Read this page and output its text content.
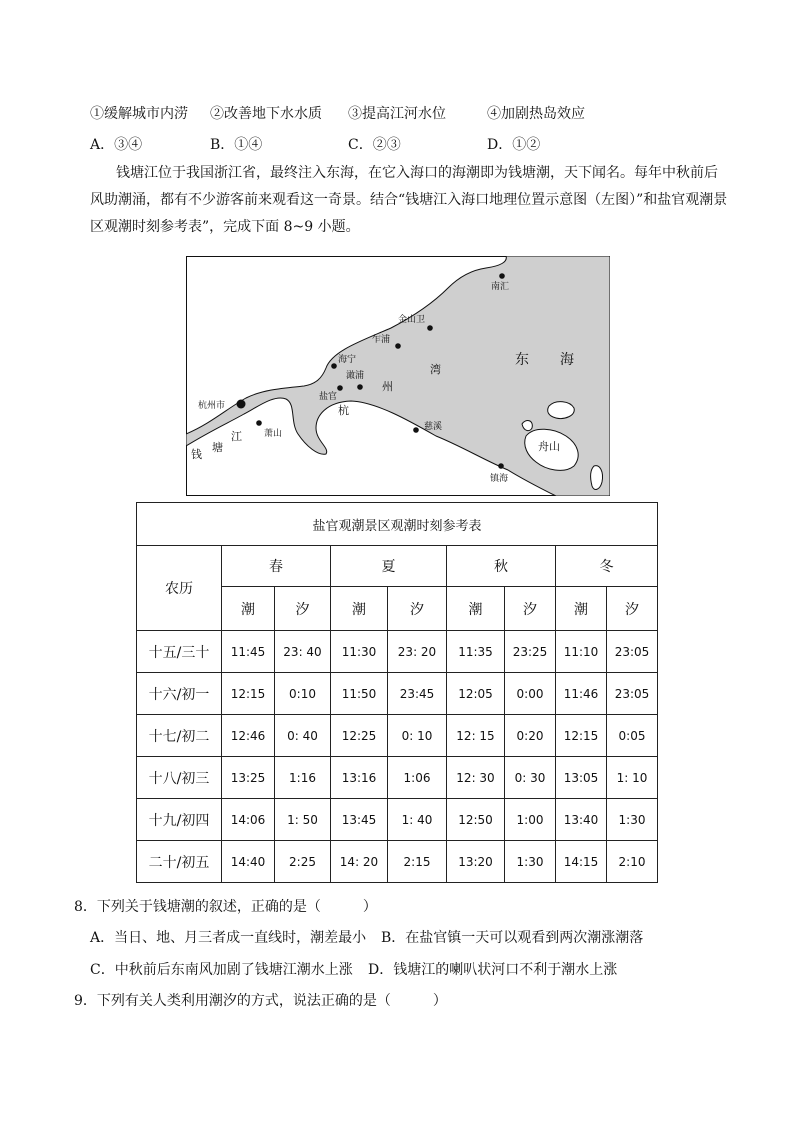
①缓解城市内涝 ②改善地下水水质 ③提高江河水位	④加剧热岛效应
A．③④	B．①④	C．②③	D．①②
钱塘江位于我国浙江省，最终注入东海，在它入海口的海潮即为钱塘潮，天下闻名。每年中秋前后风助潮涌，都有不少游客前来观看这一奇景。结合“钱塘江入海口地理位置示意图（左图）”和盐官观潮景区观潮时刻参考表”，完成下面 8~9 小题。
南汇
金山卫
乍浦
海宁
澉浦
盐官
杭州市
萧山
慈溪
舟山
镇海
东 海
杭
州
湾
钱
塘
江
盐官观潮景区观潮时刻参考表								
农历	春		夏		秋		冬	
	潮	汐	潮	汐	潮	汐	潮	汐
十五/三十	11:45	23: 40	11:30	23: 20	11:35	23:25	11:10	23:05
十六/初一	12:15	0:10	11:50	23:45	12:05	0:00	11:46	23:05
十七/初二	12:46	0: 40	12:25	0: 10	12: 15	0:20	12:15	0:05
十八/初三	13:25	1:16	13:16	1:06	12: 30	0: 30	13:05	1: 10
十九/初四	14:06	1: 50	13:45	1: 40	12:50	1:00	13:40	1:30
二十/初五	14:40	2:25	14: 20	2:15	13:20	1:30	14:15	2:10
8．下列关于钱塘潮的叙述，正确的是（　　　）
A．当日、地、月三者成一直线时，潮差最小 B．在盐官镇一天可以观看到两次潮涨潮落
C．中秋前后东南风加剧了钱塘江潮水上涨 D．钱塘江的喇叭状河口不利于潮水上涨
9．下列有关人类利用潮汐的方式，说法正确的是（　　　）
